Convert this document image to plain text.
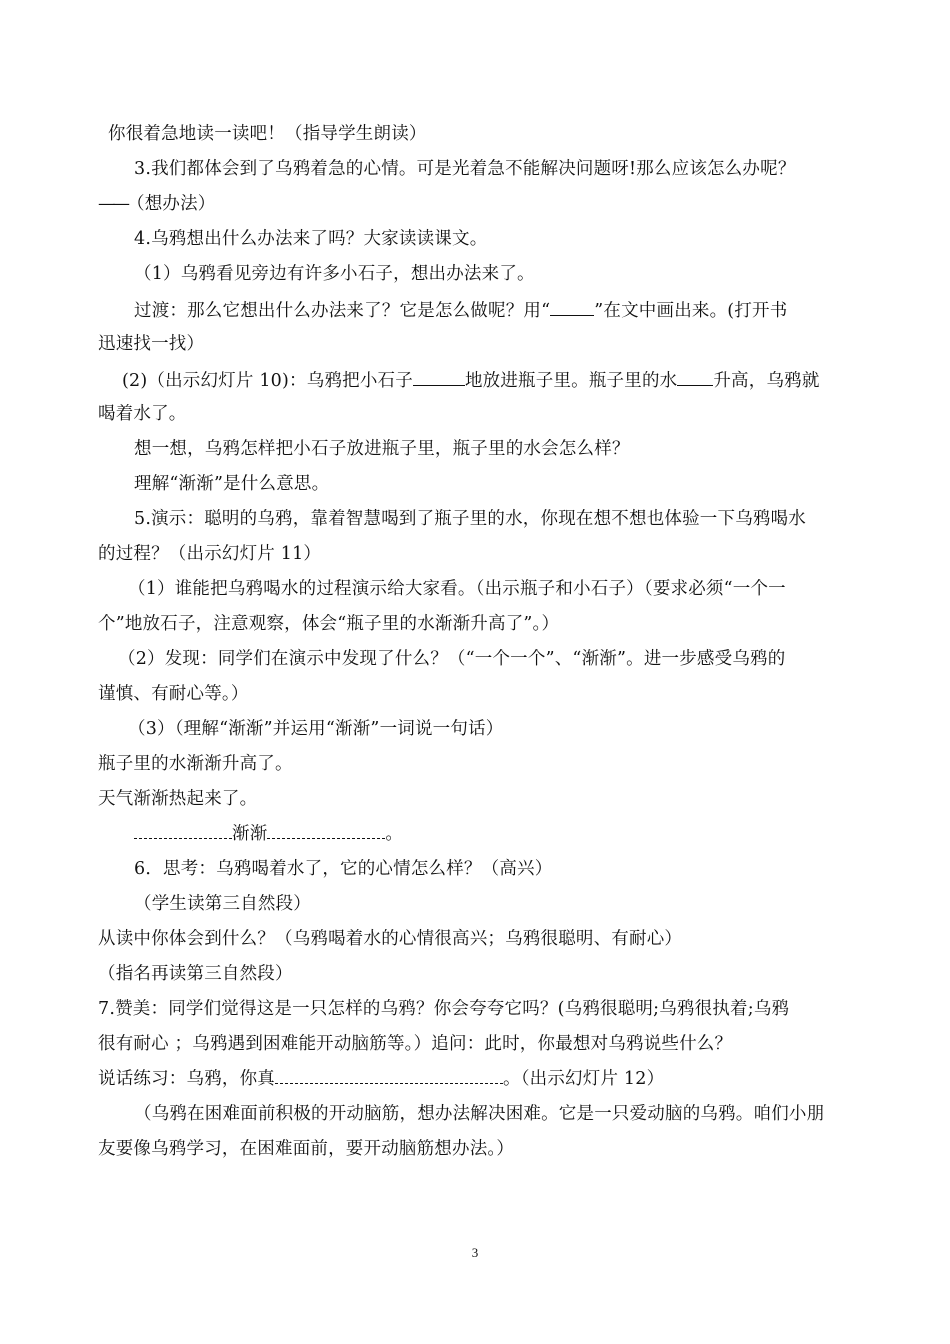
你很着急地读一读吧！（指导学生朗读）
3.我们都体会到了乌鸦着急的心情。可是光着急不能解决问题呀!那么应该怎么办呢？
——（想办法）
4.乌鸦想出什么办法来了吗？大家读读课文。
（1）乌鸦看见旁边有许多小石子，想出办法来了。
过渡：那么它想出什么办法来了？它是怎么做呢？用“	”在文中画出来。(打开书
迅速找一找）
(2)（出示幻灯片 10)：乌鸦把小石子	地放进瓶子里。瓶子里的水 升高，乌鸦就
喝着水了。
想一想，乌鸦怎样把小石子放进瓶子里，瓶子里的水会怎么样？
理解“渐渐”是什么意思。
5.演示：聪明的乌鸦，靠着智慧喝到了瓶子里的水，你现在想不想也体验一下乌鸦喝水
的过程？（出示幻灯片 11）
（1）谁能把乌鸦喝水的过程演示给大家看。（出示瓶子和小石子）（要求必须“一个一
个”地放石子，注意观察，体会“瓶子里的水渐渐升高了”。）
（2）发现：同学们在演示中发现了什么？（“一个一个”、“渐渐”。进一步感受乌鸦的
谨慎、有耐心等。）
（3）（理解“渐渐”并运用“渐渐”一词说一句话）
瓶子里的水渐渐升高了。
天气渐渐热起来了。
渐渐	。
6．思考：乌鸦喝着水了，它的心情怎么样？（高兴）
（学生读第三自然段）
从读中你体会到什么？（乌鸦喝着水的心情很高兴；乌鸦很聪明、有耐心）
（指名再读第三自然段）
7.赞美：同学们觉得这是一只怎样的乌鸦？你会夸夸它吗？(乌鸦很聪明;乌鸦很执着;乌鸦
很有耐心 ；乌鸦遇到困难能开动脑筋等。）追问：此时，你最想对乌鸦说些什么？
说话练习：乌鸦，你真	。（出示幻灯片 12）
（乌鸦在困难面前积极的开动脑筋，想办法解决困难。它是一只爱动脑的乌鸦。咱们小朋
友要像乌鸦学习，在困难面前，要开动脑筋想办法。）
3
